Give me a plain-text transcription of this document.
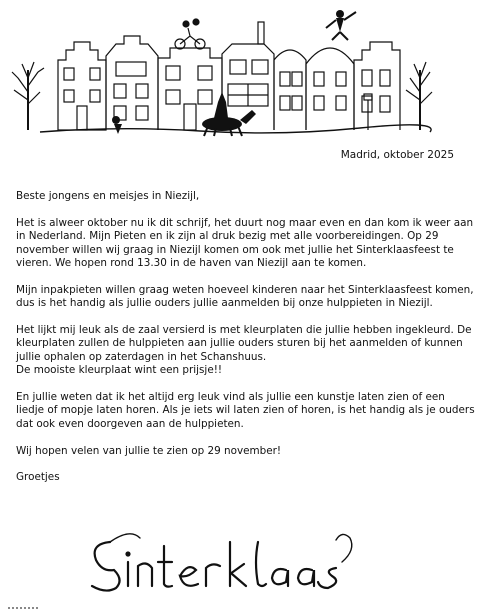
Madrid, oktober 2025

Beste jongens en meisjes in Niezijl,

Het is alweer oktober nu ik dit schrijf, het duurt nog maar even en dan kom ik weer aan in Nederland. Mijn Pieten en ik zijn al druk bezig met alle voorbereidingen. Op 29 november willen wij graag in Niezijl komen om ook met jullie het Sinterklaasfeest te vieren. We hopen rond 13.30 in de haven van Niezijl aan te komen.

Mijn inpakpieten willen graag weten hoeveel kinderen naar het Sinterklaasfeest komen, dus is het handig als jullie ouders jullie aanmelden bij onze hulppieten in Niezijl.

Het lijkt mij leuk als de zaal versierd is met kleurplaten die jullie hebben ingekleurd. De kleurplaten zullen de hulppieten aan jullie ouders sturen bij het aanmelden of kunnen jullie ophalen op zaterdagen in het Schanshuus.

De mooiste kleurplaat wint een prijsje!!

En jullie weten dat ik het altijd erg leuk vind als jullie een kunstje laten zien of een liedje of mopje laten horen. Als je iets wil laten zien of horen, is het handig als je ouders dat ook even doorgeven aan de hulppieten.

Wij hopen velen van jullie te zien op 29 november!

Groetjes
